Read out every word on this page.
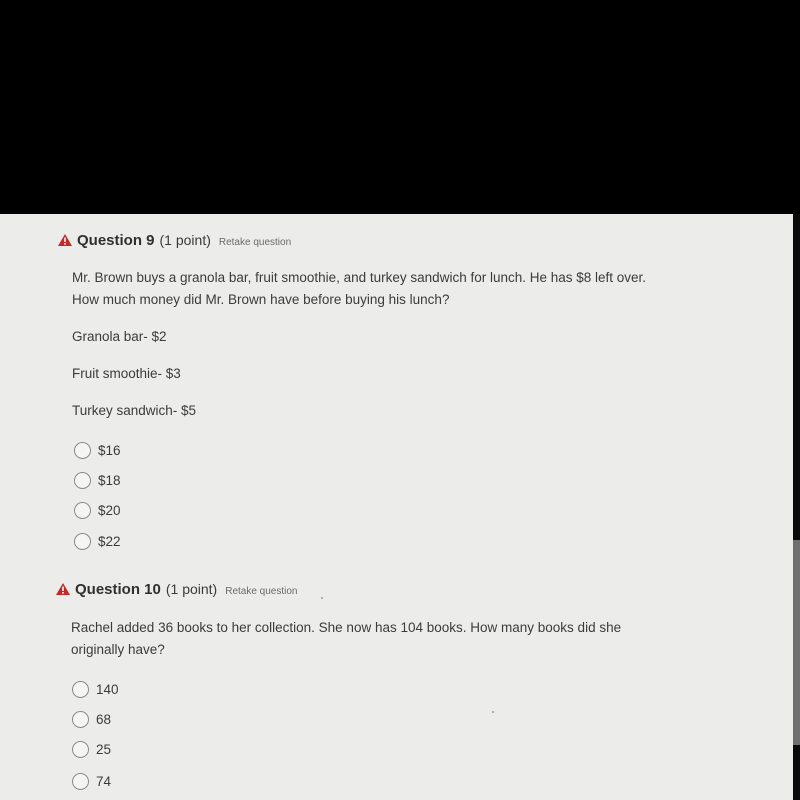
Question 9 (1 point) Retake question
Mr. Brown buys a granola bar, fruit smoothie, and turkey sandwich for lunch. He has $8 left over. How much money did Mr. Brown have before buying his lunch?
Granola bar- $2
Fruit smoothie- $3
Turkey sandwich- $5
$16
$18
$20
$22
Question 10 (1 point) Retake question
Rachel added 36 books to her collection. She now has 104 books. How many books did she originally have?
140
68
25
74
